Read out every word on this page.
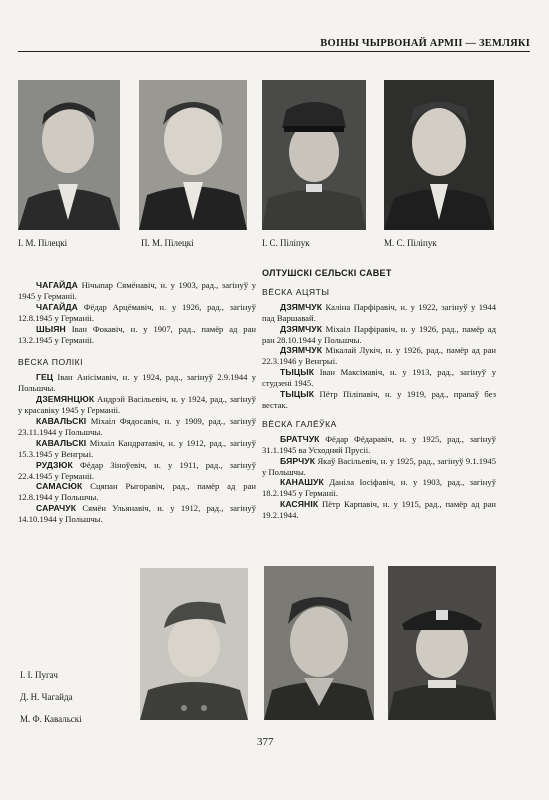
ВОІНЫ ЧЫРВОНАЙ АРМІІ — ЗЕМЛЯКІ
І. М. Пілецкі	П. М. Пілецкі	І. С. Піліпук	М. С. Піліпук

ЧАГАЙДА Нічыпар Сямёнавіч, н. у 1903, рад., загінуў у 1945 у Германіі.

ЧАГАЙДА Фёдар Арцёмавіч, н. у 1926, рад., загінуў 12.8.1945 у Германіі.

ШЫЯН Іван Фокавіч, н. у 1907, рад., памёр ад ран 13.2.1945 у Германіі.

ВЁСКА ПОЛІКІ

ГЕЦ Іван Анісімавіч, н. у 1924, рад., загінуў 2.9.1944 у Польшчы.

ДЗЕМЯНЦЮК Андрэй Васільевіч, н. у 1924, рад., загінуў у красавіку 1945 у Германіі.

КАВАЛЬСКІ Міхаіл Фядосавіч, н. у 1909, рад., загінуў 23.11.1944 у Польшчы.

КАВАЛЬСКІ Міхаіл Кандратавіч, н. у 1912, рад., загінуў 15.3.1945 у Венгрыі.

РУДЗЮК Фёдар Зіноўевіч, н. у 1911, рад., загінуў 22.4.1945 у Германіі.

САМАСЮК Сцяпан Рыгоравіч, рад., памёр ад ран 12.8.1944 у Польшчы.

САРАЧУК Сямён Ульянавіч, н. у 1912, рад., загінуў 14.10.1944 у Польшчы.

ОЛТУШСКІ СЕЛЬСКІ САВЕТ
ВЁСКА АЦЯТЫ

ДЗЯМЧУК Каліна Парфіравіч, н. у 1922, загінуў у 1944 пад Варшавай.

ДЗЯМЧУК Міхаіл Парфіравіч, н. у 1926, рад., памёр ад ран 28.10.1944 у Польшчы.

ДЗЯМЧУК Мікалай Лукіч, н. у 1926, рад., памёр ад ран 22.3.1946 у Венгрыі.

ТЫЦЫК Іван Максімавіч, н. у 1913, рад., загінуў у студзені 1945.

ТЫЦЫК Пётр Піліпавіч, н. у 1919, рад., прапаў без вестак.

ВЁСКА ГАЛЁЎКА

БРАТЧУК Фёдар Фёдаравіч, н. у 1925, рад., загінуў 31.1.1945 ва Усходняй Прусіі.

БЯРЧУК Якаў Васільевіч, н. у 1925, рад., загінуў 9.1.1945 у Польшчы.

КАНАШУК Даніла Іосіфавіч, н. у 1903, рад., загінуў 18.2.1945 у Германіі.

КАСЯНІК Пётр Карпавіч, н. у 1915, рад., памёр ад ран 19.2.1944.

І. І. Пугач
Д. Н. Чагайда
М. Ф. Кавальскі
377
